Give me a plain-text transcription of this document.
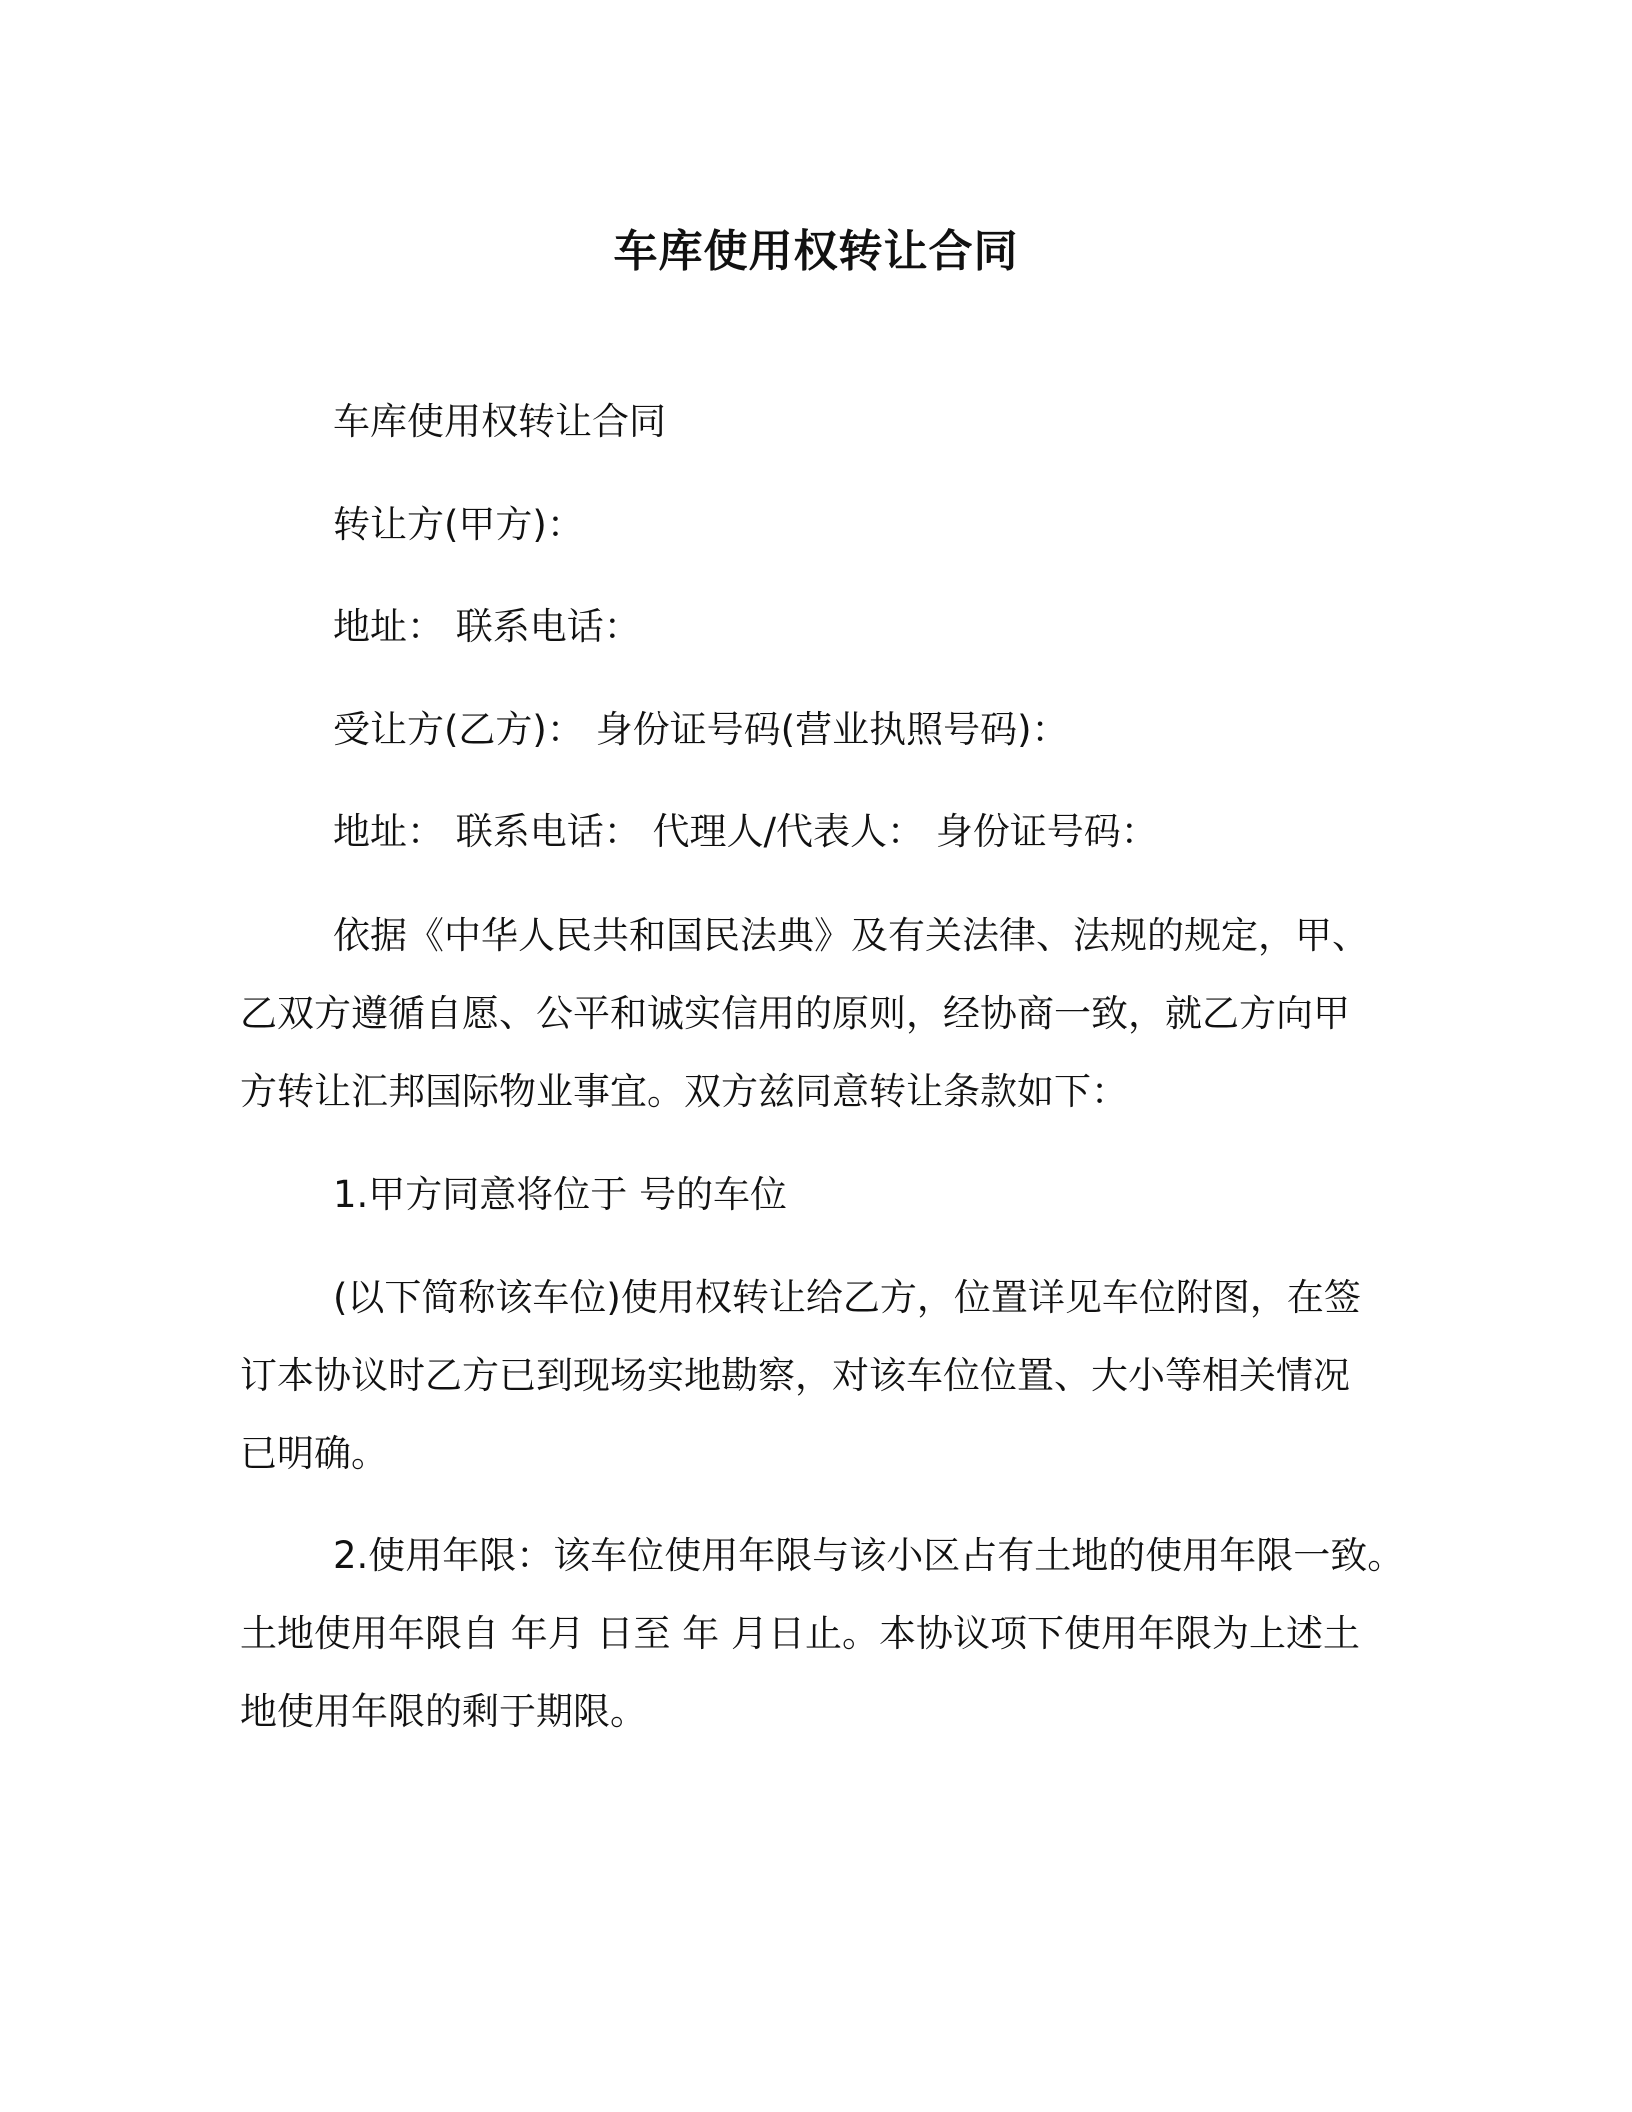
车库使用权转让合同
车库使用权转让合同
转让方(甲方)：
地址： 联系电话：
受让方(乙方)： 身份证号码(营业执照号码)：
地址： 联系电话： 代理人/代表人： 身份证号码：
依据《中华人民共和国民法典》及有关法律、法规的规定，甲、
乙双方遵循自愿、公平和诚实信用的原则，经协商一致，就乙方向甲
方转让汇邦国际物业事宜。双方兹同意转让条款如下：
1.甲方同意将位于 号的车位
(以下简称该车位)使用权转让给乙方，位置详见车位附图，在签
订本协议时乙方已到现场实地勘察，对该车位位置、大小等相关情况
已明确。
2.使用年限：该车位使用年限与该小区占有土地的使用年限一致。
土地使用年限自 年月 日至 年 月日止。本协议项下使用年限为上述土
地使用年限的剩于期限。
